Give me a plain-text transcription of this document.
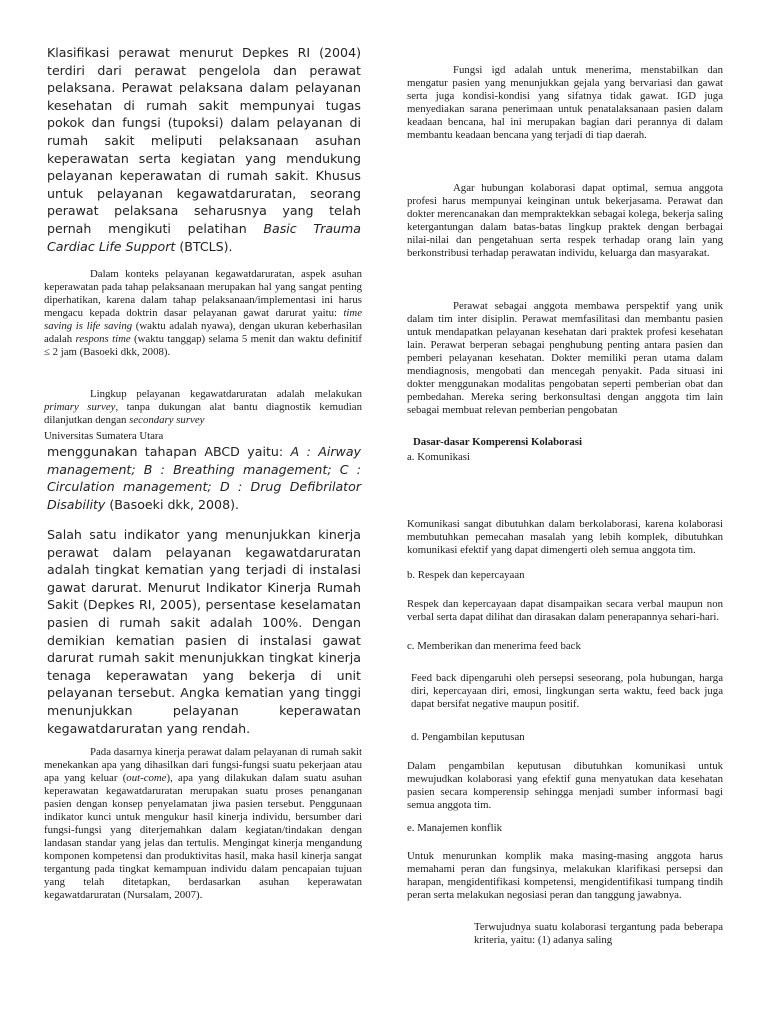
Klasifikasi perawat menurut Depkes RI (2004) terdiri dari perawat pengelola dan perawat pelaksana. Perawat pelaksana dalam pelayanan kesehatan di rumah sakit mempunyai tugas pokok dan fungsi (tupoksi) dalam pelayanan di rumah sakit meliputi pelaksanaan asuhan keperawatan serta kegiatan yang mendukung pelayanan keperawatan di rumah sakit. Khusus untuk pelayanan kegawatdaruratan, seorang perawat pelaksana seharusnya yang telah pernah mengikuti pelatihan Basic Trauma Cardiac Life Support (BTCLS).

Dalam konteks pelayanan kegawatdaruratan, aspek asuhan keperawatan pada tahap pelaksanaan merupakan hal yang sangat penting diperhatikan, karena dalam tahap pelaksanaan/implementasi ini harus mengacu kepada doktrin dasar pelayanan gawat darurat yaitu: time saving is life saving (waktu adalah nyawa), dengan ukuran keberhasilan adalah respons time (waktu tanggap) selama 5 menit dan waktu definitif ≤ 2 jam (Basoeki dkk, 2008).

Lingkup pelayanan kegawatdaruratan adalah melakukan primary survey, tanpa dukungan alat bantu diagnostik kemudian dilanjutkan dengan secondary survey

Universitas Sumatera Utara

menggunakan tahapan ABCD yaitu: A : Airway management; B : Breathing management; C : Circulation management; D : Drug Defibrilator Disability (Basoeki dkk, 2008).

Salah satu indikator yang menunjukkan kinerja perawat dalam pelayanan kegawatdaruratan adalah tingkat kematian yang terjadi di instalasi gawat darurat. Menurut Indikator Kinerja Rumah Sakit (Depkes RI, 2005), persentase keselamatan pasien di rumah sakit adalah 100%. Dengan demikian kematian pasien di instalasi gawat darurat rumah sakit menunjukkan tingkat kinerja tenaga keperawatan yang bekerja di unit pelayanan tersebut. Angka kematian yang tinggi menunjukkan pelayanan keperawatan kegawatdaruratan yang rendah.

Pada dasarnya kinerja perawat dalam pelayanan di rumah sakit menekankan apa yang dihasilkan dari fungsi-fungsi suatu pekerjaan atau apa yang keluar (out-come), apa yang dilakukan dalam suatu asuhan keperawatan kegawatdaruratan merupakan suatu proses penanganan pasien dengan konsep penyelamatan jiwa pasien tersebut. Penggunaan indikator kunci untuk mengukur hasil kinerja individu, bersumber dari fungsi-fungsi yang diterjemahkan dalam kegiatan/tindakan dengan landasan standar yang jelas dan tertulis. Mengingat kinerja mengandung komponen kompetensi dan produktivitas hasil, maka hasil kinerja sangat tergantung pada tingkat kemampuan individu dalam pencapaian tujuan yang telah ditetapkan, berdasarkan asuhan keperawatan kegawatdaruratan (Nursalam, 2007).

Fungsi igd adalah untuk menerima, menstabilkan dan mengatur pasien yang menunjukkan gejala yang bervariasi dan gawat serta juga kondisi-kondisi yang sifatnya tidak gawat. IGD juga menyediakan sarana penerimaan untuk penatalaksanaan pasien dalam keadaan bencana, hal ini merupakan bagian dari perannya di dalam membantu keadaan bencana yang terjadi di tiap daerah.

Agar hubungan kolaborasi dapat optimal, semua anggota profesi harus mempunyai keinginan untuk bekerjasama. Perawat dan dokter merencanakan dan mempraktekkan sebagai kolega, bekerja saling ketergantungan dalam batas-batas lingkup praktek dengan berbagai nilai-nilai dan pengetahuan serta respek terhadap orang lain yang berkonstribusi terhadap perawatan individu, keluarga dan masyarakat.

Perawat sebagai anggota membawa perspektif yang unik dalam tim inter disiplin. Perawat memfasilitasi dan membantu pasien untuk mendapatkan pelayanan kesehatan dari praktek profesi kesehatan lain. Perawat berperan sebagai penghubung penting antara pasien dan pemberi pelayanan kesehatan. Dokter memiliki peran utama dalam mendiagnosis, mengobati dan mencegah penyakit. Pada situasi ini dokter menggunakan modalitas pengobatan seperti pemberian obat dan pembedahan. Mereka sering berkonsultasi dengan anggota tim lain sebagai membuat relevan pemberian pengobatan

Dasar-dasar Komperensi Kolaborasi

a. Komunikasi

Komunikasi sangat dibutuhkan dalam berkolaborasi, karena kolaborasi membutuhkan pemecahan masalah yang lebih komplek, dibutuhkan komunikasi efektif yang dapat dimengerti oleh semua anggota tim.

b. Respek dan kepercayaan

Respek dan kepercayaan dapat disampaikan secara verbal maupun non verbal serta dapat dilihat dan dirasakan dalam penerapannya sehari-hari.

c. Memberikan dan menerima feed back

Feed back dipengaruhi oleh persepsi seseorang, pola hubungan, harga diri, kepercayaan diri, emosi, lingkungan serta waktu, feed back juga dapat bersifat negative maupun positif.

d. Pengambilan keputusan

Dalam pengambilan keputusan dibutuhkan komunikasi untuk mewujudkan kolaborasi yang efektif guna menyatukan data kesehatan pasien secara komperensip sehingga menjadi sumber informasi bagi semua anggota tim.

e. Manajemen konflik

Untuk menurunkan komplik maka masing-masing anggota harus memahami peran dan fungsinya, melakukan klarifikasi persepsi dan harapan, mengidentifikasi kompetensi, mengidentifikasi tumpang tindih peran serta melakukan negosiasi peran dan tanggung jawabnya.

Terwujudnya suatu kolaborasi tergantung pada beberapa kriteria, yaitu: (1) adanya saling
